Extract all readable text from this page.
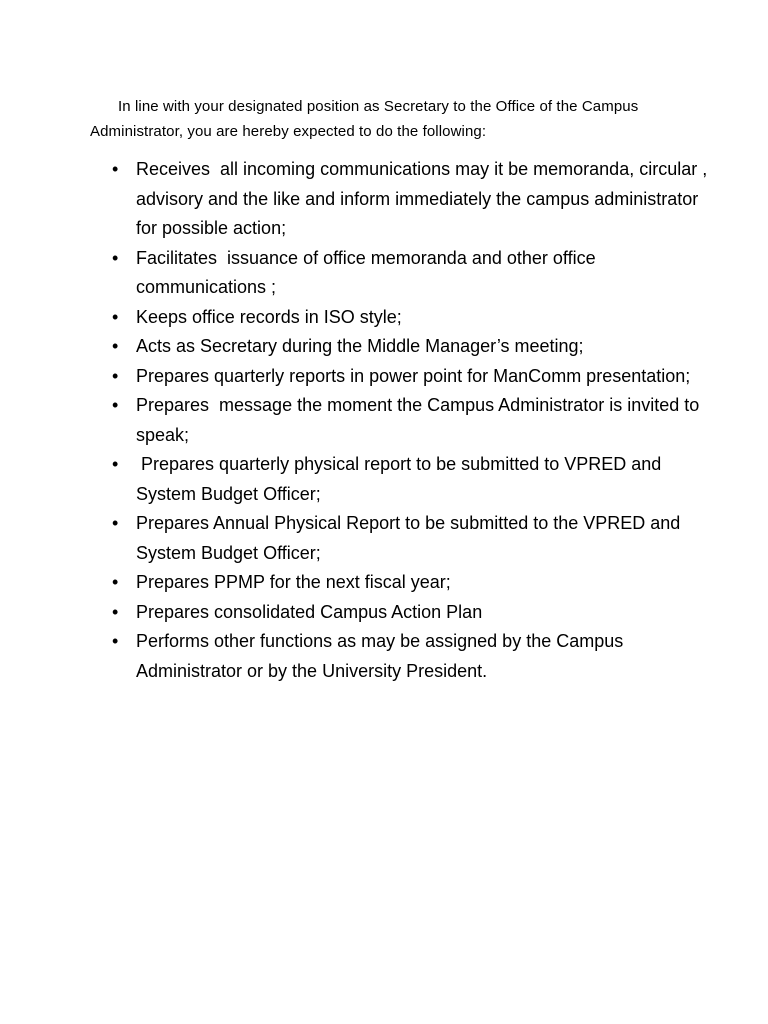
In line with your designated position as Secretary to the Office of the Campus Administrator, you are hereby expected to do the following:

• Receives  all incoming communications may it be memoranda, circular , advisory and the like and inform immediately the campus administrator for possible action;
• Facilitates  issuance of office memoranda and other office communications ;
• Keeps office records in ISO style;
• Acts as Secretary during the Middle Manager’s meeting;
• Prepares quarterly reports in power point for ManComm presentation;
• Prepares  message the moment the Campus Administrator is invited to speak;
• Prepares quarterly physical report to be submitted to VPRED and System Budget Officer;
• Prepares Annual Physical Report to be submitted to the VPRED and System Budget Officer;
• Prepares PPMP for the next fiscal year;
• Prepares consolidated Campus Action Plan
• Performs other functions as may be assigned by the Campus Administrator or by the University President.
